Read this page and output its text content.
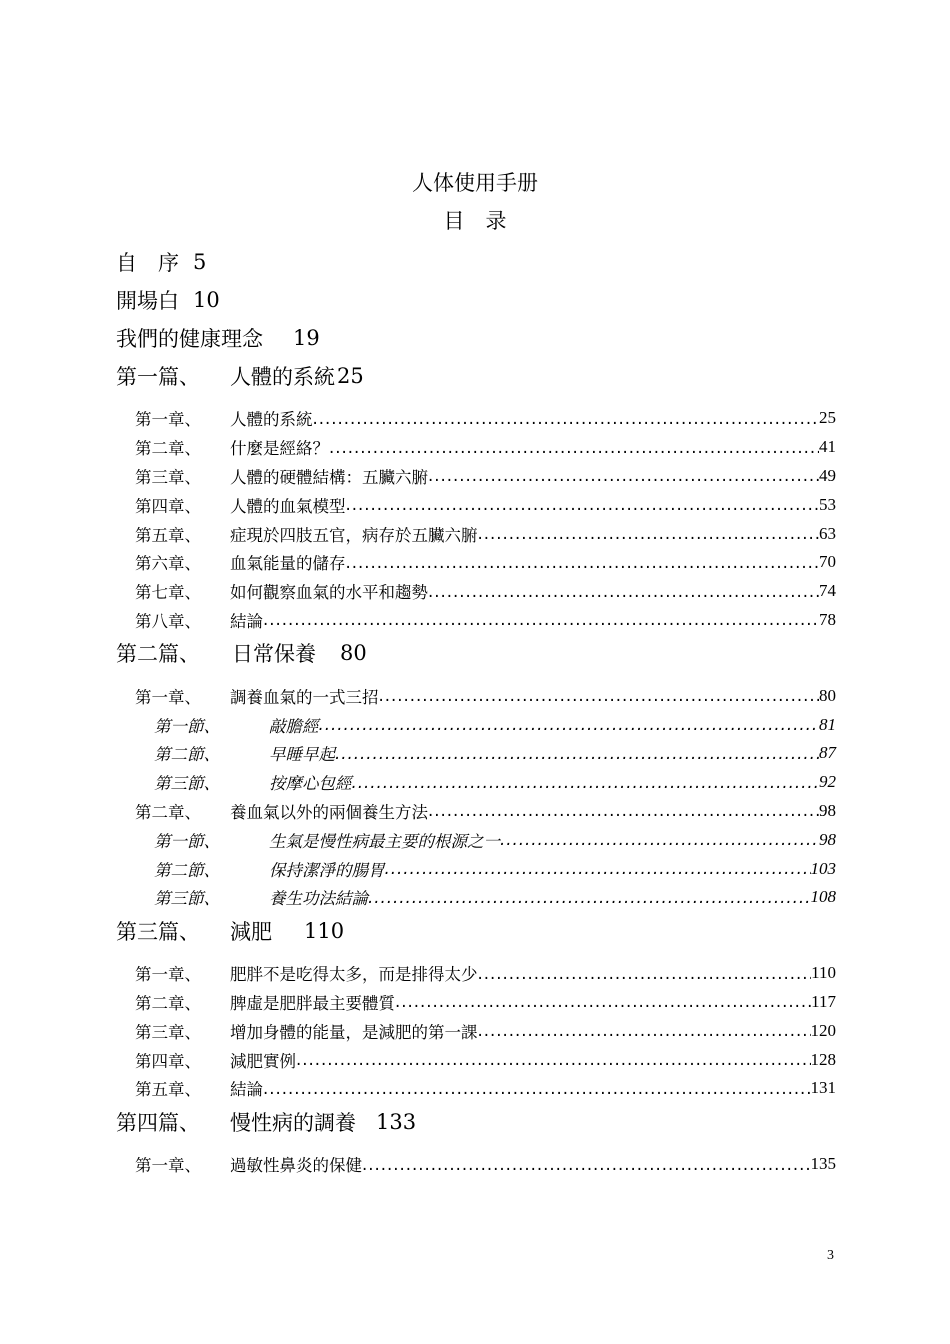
人体使用手册
目　录
自　序 5
開場白 10
我們的健康理念 19
第一篇、	人體的系統 25
第一章、	人體的系統 .....	25
第二章、	什麼是經絡？ .....	41
第三章、	人體的硬體結構：五臟六腑 .....	49
第四章、	人體的血氣模型 .....	53
第五章、	症現於四肢五官，病存於五臟六腑 .....	63
第六章、	血氣能量的儲存 .....	70
第七章、	如何觀察血氣的水平和趨勢 .....	74
第八章、	結論 .....	78
第二篇、	日常保養 80
第一章、	調養血氣的一式三招 .....	80
第一節、	敲膽經 .....	81
第二節、	早睡早起 .....	87
第三節、	按摩心包經 .....	92
第二章、	養血氣以外的兩個養生方法 .....	98
第一節、	生氣是慢性病最主要的根源之一 .....	98
第二節、	保持潔淨的腸胃 .....	103
第三節、	養生功法結論 .....	108
第三篇、	減肥 110
第一章、	肥胖不是吃得太多，而是排得太少 .....	110
第二章、	脾虛是肥胖最主要體質 .....	117
第三章、	增加身體的能量，是減肥的第一課 .....	120
第四章、	減肥實例 .....	128
第五章、	結論 .....	131
第四篇、	慢性病的調養 133
第一章、	過敏性鼻炎的保健 .....	135
3
